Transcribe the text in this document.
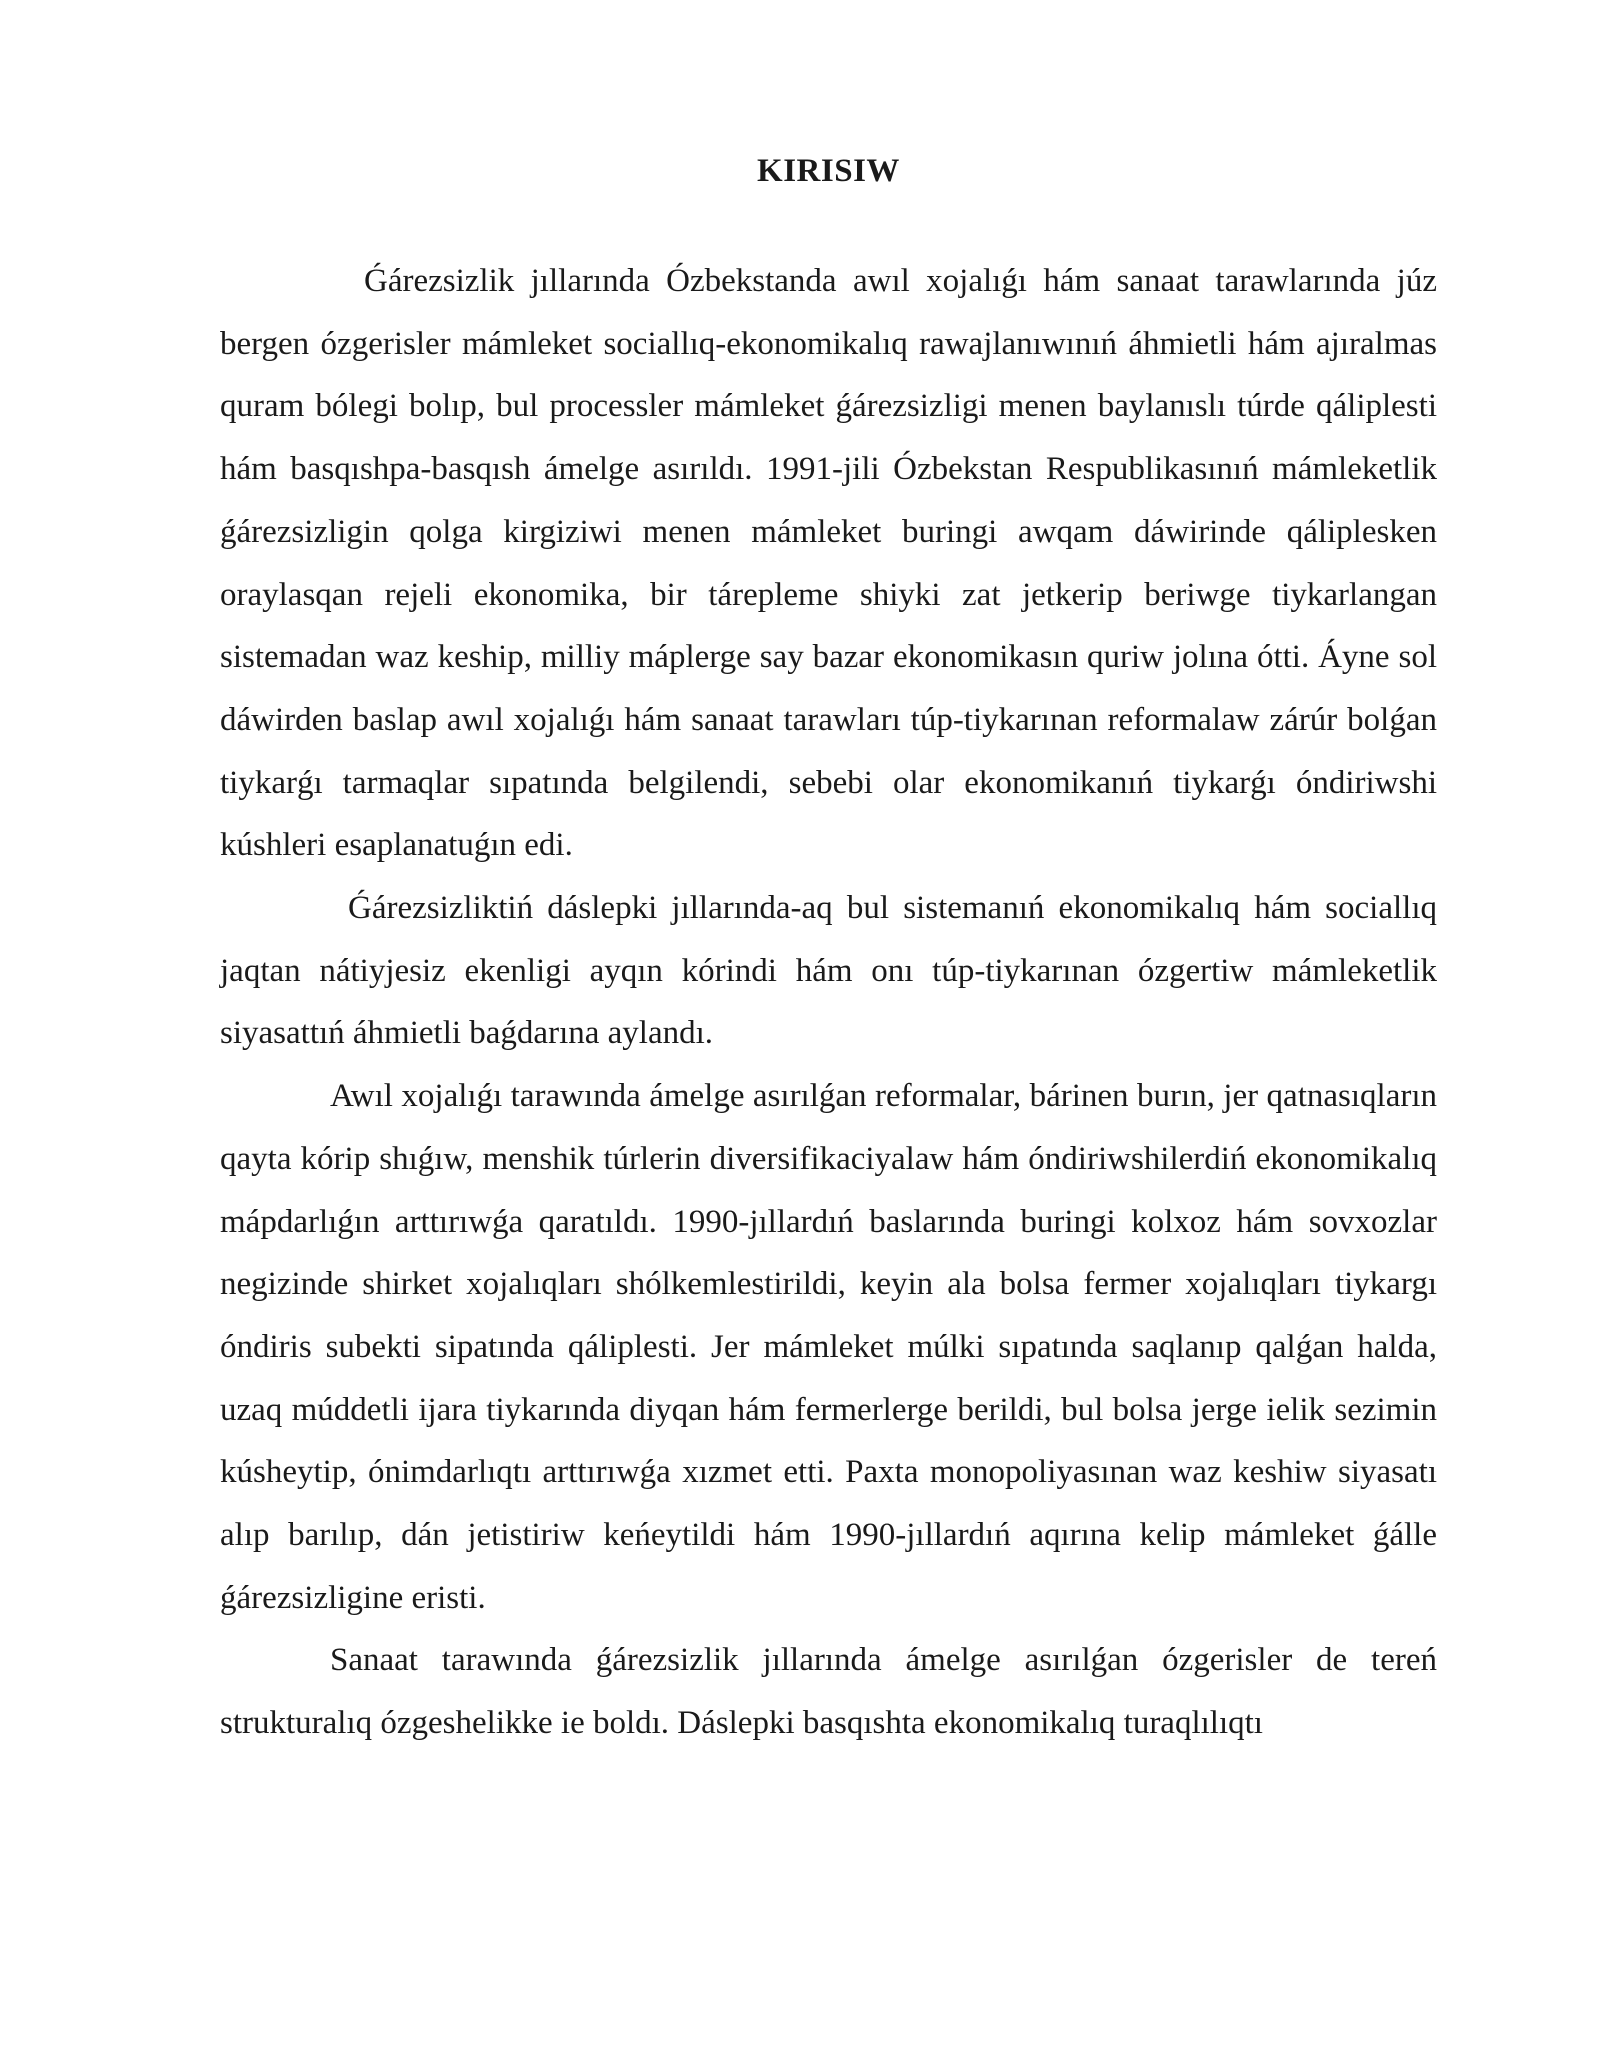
KIRISIW

Ǵárezsizlik jıllarında Ózbekstanda awıl xojalıǵı hám sanaat tarawlarında júz bergen ózgerisler mámleket sociallıq-ekonomikalıq rawajlanıwınıń áhmietli hám ajıralmas quram bólegi bolıp, bul processler mámleket ǵárezsizligi menen baylanıslı túrde qáliplesti hám basqıshpa-basqısh ámelge asırıldı. 1991-jili Ózbekstan Respublikasınıń mámleketlik ǵárezsizligin qolga kirgiziwi menen mámleket buringi awqam dáwirinde qáliplesken oraylasqan rejeli ekonomika, bir tárepleme shiyki zat jetkerip beriwge tiykarlangan sistemadan waz keship, milliy máplerge say bazar ekonomikasın quriw jolına ótti. Áyne sol dáwirden baslap awıl xojalıǵı hám sanaat tarawları túp-tiykarınan reformalaw zárúr bolǵan tiykarǵı tarmaqlar sıpatında belgilendi, sebebi olar ekonomikanıń tiykarǵı óndiriwshi kúshleri esaplanatuǵın edi.

Ǵárezsizliktiń dáslepki jıllarında-aq bul sistemanıń ekonomikalıq hám sociallıq jaqtan nátiyjesiz ekenligi ayqın kórindi hám onı túp-tiykarınan ózgertiw mámleketlik siyasattıń áhmietli baǵdarına aylandı.

Awıl xojalıǵı tarawında ámelge asırılǵan reformalar, bárinen burın, jer qatnasıqların qayta kórip shıǵıw, menshik túrlerin diversifikaciyalaw hám óndiriwshilerdiń ekonomikalıq mápdarlıǵın arttırıwǵa qaratıldı. 1990-jıllardıń baslarında buringi kolxoz hám sovxozlar negizinde shirket xojalıqları shólkemlestirildi, keyin ala bolsa fermer xojalıqları tiykargı óndiris subekti sipatında qáliplesti. Jer mámleket múlki sıpatında saqlanıp qalǵan halda, uzaq múddetli ijara tiykarında diyqan hám fermerlerge berildi, bul bolsa jerge ielik sezimin kúsheytip, ónimdarlıqtı arttırıwǵa xızmet etti. Paxta monopoliyasınan waz keshiw siyasatı alıp barılıp, dán jetistiriw keńeytildi hám 1990-jıllardıń aqırına kelip mámleket ǵálle ǵárezsizligine eristi.

Sanaat tarawında ǵárezsizlik jıllarında ámelge asırılǵan ózgerisler de tereń strukturalıq ózgeshelikke ie boldı. Dáslepki basqıshta ekonomikalıq turaqlılıqtı
